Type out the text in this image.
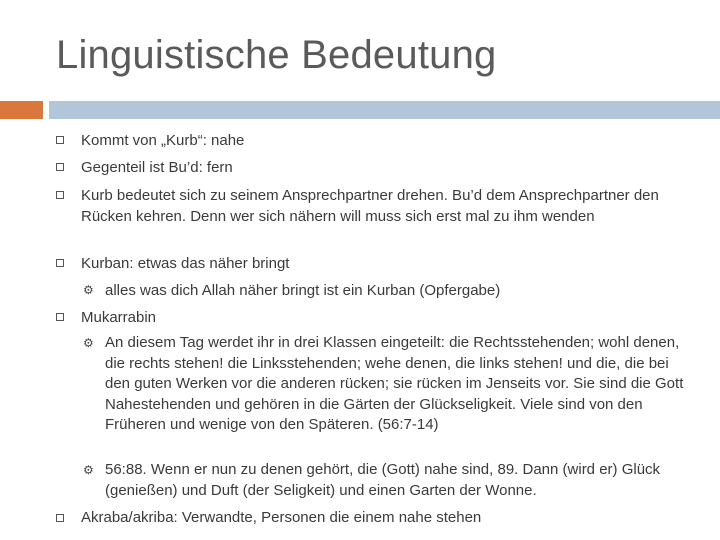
Linguistische Bedeutung
Kommt von „Kurb“: nahe
Gegenteil ist Bu’d: fern
Kurb bedeutet sich zu seinem Ansprechpartner drehen. Bu’d dem Ansprechpartner den Rücken kehren. Denn wer sich nähern will muss sich erst mal zu ihm wenden
Kurban: etwas das näher bringt
⚙ alles was dich Allah näher bringt ist ein Kurban (Opfergabe)
Mukarrabin
⚙ An diesem Tag werdet ihr in drei Klassen eingeteilt: die Rechtsstehenden; wohl denen, die rechts stehen! die Linksstehenden; wehe denen, die links stehen! und die, die bei den guten Werken vor die anderen rücken; sie rücken im Jenseits vor. Sie sind die Gott Nahestehenden und gehören in die Gärten der Glückseligkeit. Viele sind von den Früheren und wenige von den Späteren. (56:7-14)
⚙ 56:88. Wenn er nun zu denen gehört, die (Gott) nahe sind, 89. Dann (wird er) Glück (genießen) und Duft (der Seligkeit) und einen Garten der Wonne.
Akraba/akriba: Verwandte, Personen die einem nahe stehen
